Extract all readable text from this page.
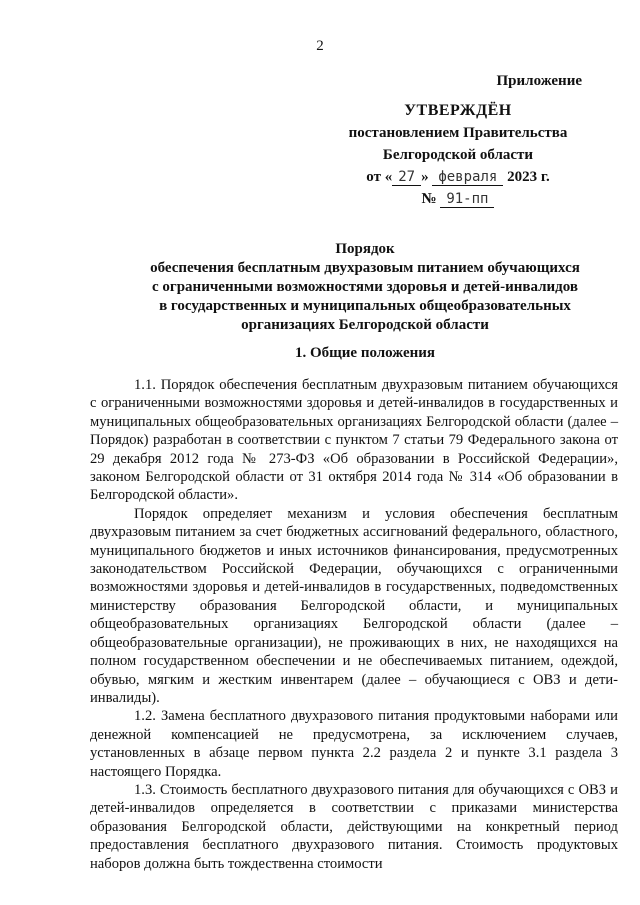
2
Приложение
УТВЕРЖДЁН
постановлением Правительства
Белгородской области
от « 27 » февраля 2023 г.
№ 91-пп
Порядок
обеспечения бесплатным двухразовым питанием обучающихся
с ограниченными возможностями здоровья и детей-инвалидов
в государственных и муниципальных общеобразовательных
организациях Белгородской области
1. Общие положения

1.1. Порядок обеспечения бесплатным двухразовым питанием обучающихся с ограниченными возможностями здоровья и детей-инвалидов в государственных и муниципальных общеобразовательных организациях Белгородской области (далее – Порядок) разработан в соответствии с пунктом 7 статьи 79 Федерального закона от 29 декабря 2012 года № 273-ФЗ «Об образовании в Российской Федерации», законом Белгородской области от 31 октября 2014 года № 314 «Об образовании в Белгородской области».

Порядок определяет механизм и условия обеспечения бесплатным двухразовым питанием за счет бюджетных ассигнований федерального, областного, муниципального бюджетов и иных источников финансирования, предусмотренных законодательством Российской Федерации, обучающихся с ограниченными возможностями здоровья и детей-инвалидов в государственных, подведомственных министерству образования Белгородской области, и муниципальных общеобразовательных организациях Белгородской области (далее – общеобразовательные организации), не проживающих в них, не находящихся на полном государственном обеспечении и не обеспечиваемых питанием, одеждой, обувью, мягким и жестким инвентарем (далее – обучающиеся с ОВЗ и дети-инвалиды).

1.2. Замена бесплатного двухразового питания продуктовыми наборами или денежной компенсацией не предусмотрена, за исключением случаев, установленных в абзаце первом пункта 2.2 раздела 2 и пункте 3.1 раздела 3 настоящего Порядка.

1.3. Стоимость бесплатного двухразового питания для обучающихся с ОВЗ и детей-инвалидов определяется в соответствии с приказами министерства образования Белгородской области, действующими на конкретный период предоставления бесплатного двухразового питания. Стоимость продуктовых наборов должна быть тождественна стоимости
